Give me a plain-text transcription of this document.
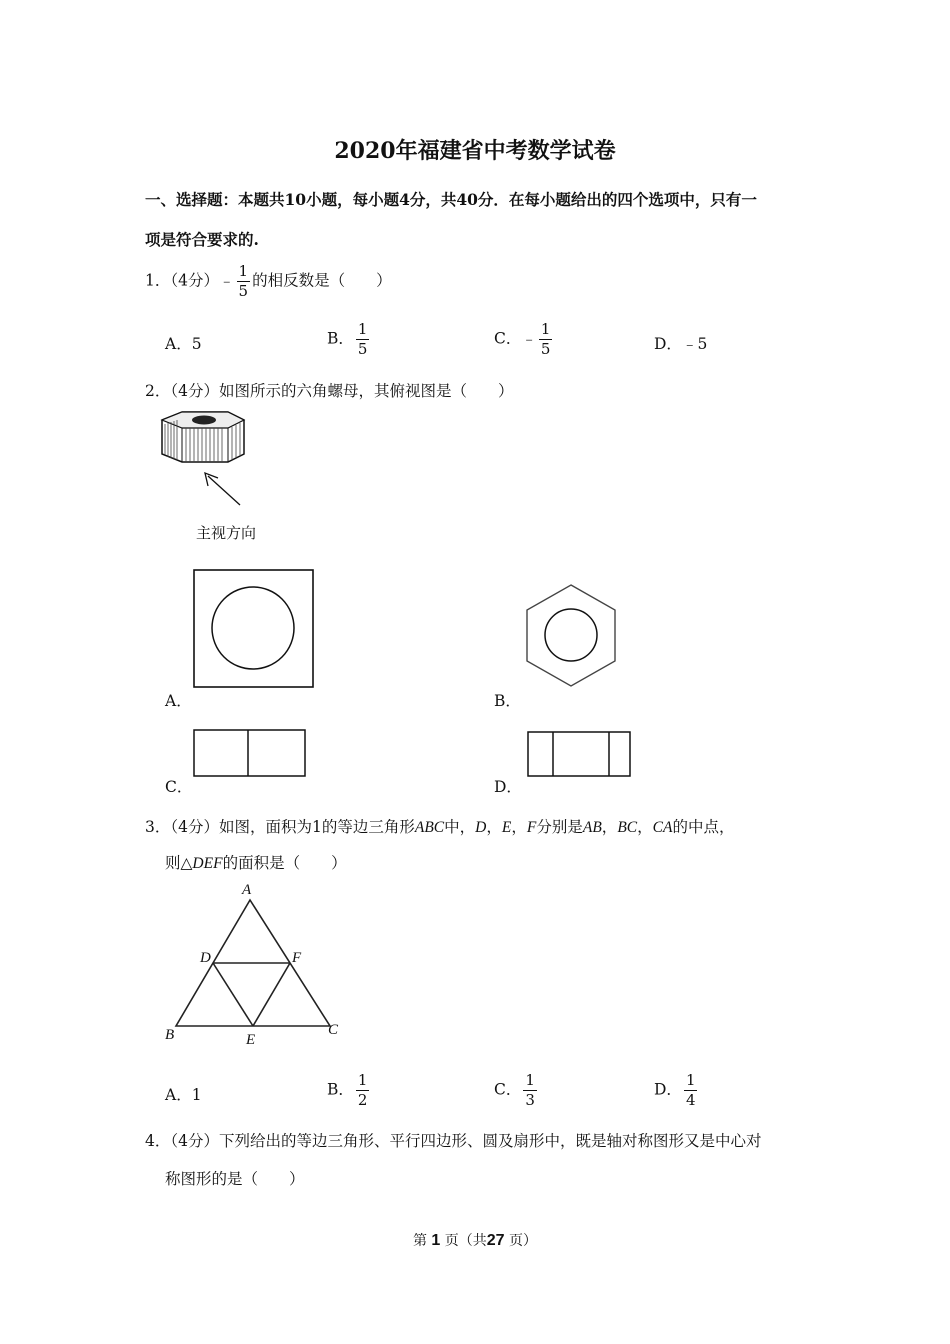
2020年福建省中考数学试卷
一、选择题：本题共10小题，每小题4分，共40分．在每小题给出的四个选项中，只有一
项是符合要求的.
1．（4分）﹣ $\frac{1}{5}$ 的相反数是（　　）
A．5	B． $\frac{1}{5}$	C．﹣ $\frac{1}{5}$	D．﹣5
2．（4分）如图所示的六角螺母，其俯视图是（　　）
主视方向
A．	B．
C．	D．
3．（4分）如图，面积为1的等边三角形ABC中，D，E，F分别是AB，BC，CA的中点，
则△DEF的面积是（　　）
A
B	C
D
E
F
A．1	B． $\frac{1}{2}$	C． $\frac{1}{3}$	D． $\frac{1}{4}$
4．（4分）下列给出的等边三角形、平行四边形、圆及扇形中，既是轴对称图形又是中心对
称图形的是（　　）
第 1 页（共27 页）
